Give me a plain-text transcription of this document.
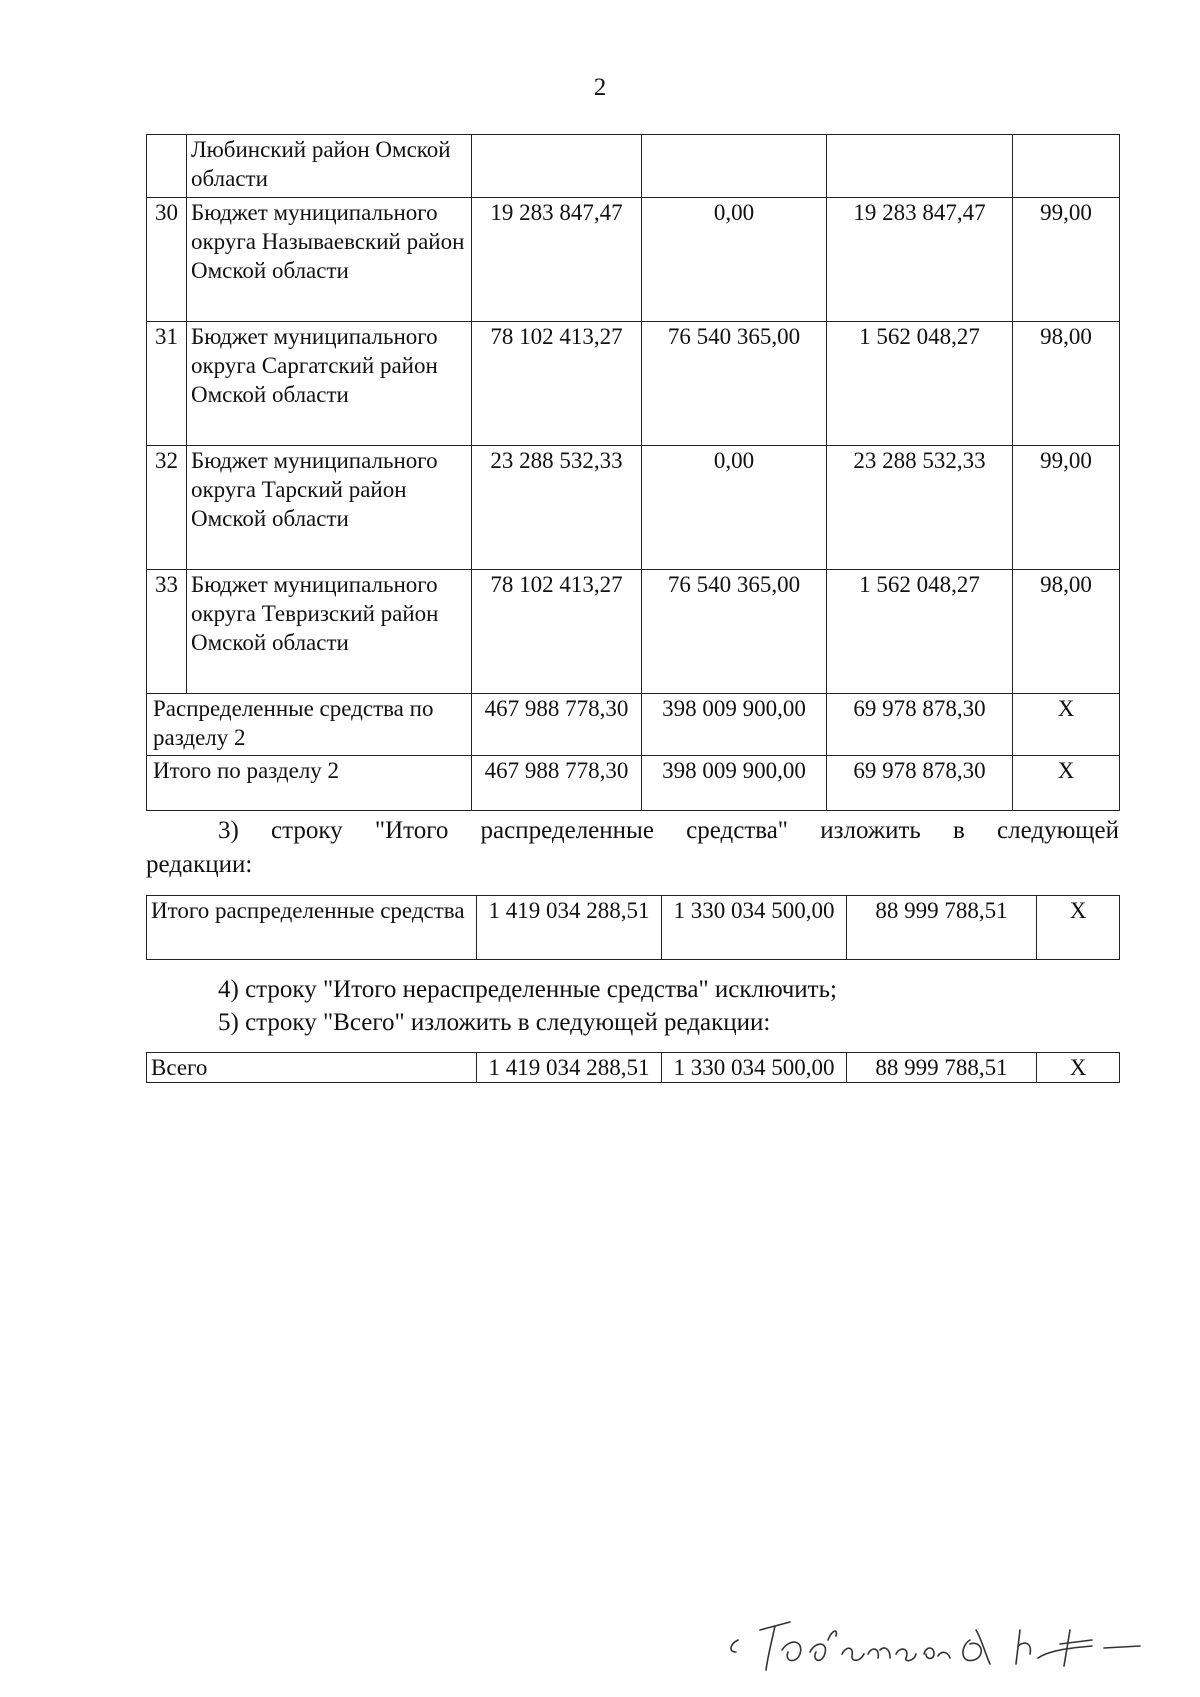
2
	Любинский район Омской области				
30	Бюджет муниципального округа Называевский район Омской области	19 283 847,47	0,00	19 283 847,47	99,00
31	Бюджет муниципального округа Саргатский район Омской области	78 102 413,27	76 540 365,00	1 562 048,27	98,00
32	Бюджет муниципального округа Тарский район Омской области	23 288 532,33	0,00	23 288 532,33	99,00
33	Бюджет муниципального округа Тевризский район Омской области	78 102 413,27	76 540 365,00	1 562 048,27	98,00
Распределенные средства по разделу 2		467 988 778,30	398 009 900,00	69 978 878,30	X
Итого по разделу 2		467 988 778,30	398 009 900,00	69 978 878,30	X
3) строку "Итого распределенные средства" изложить в следующей
редакции:
Итого распределенные средства	1 419 034 288,51	1 330 034 500,00	88 999 788,51	X
4) строку "Итого нераспределенные средства" исключить;
5) строку "Всего" изложить в следующей редакции:
Всего	1 419 034 288,51	1 330 034 500,00	88 999 788,51	X
